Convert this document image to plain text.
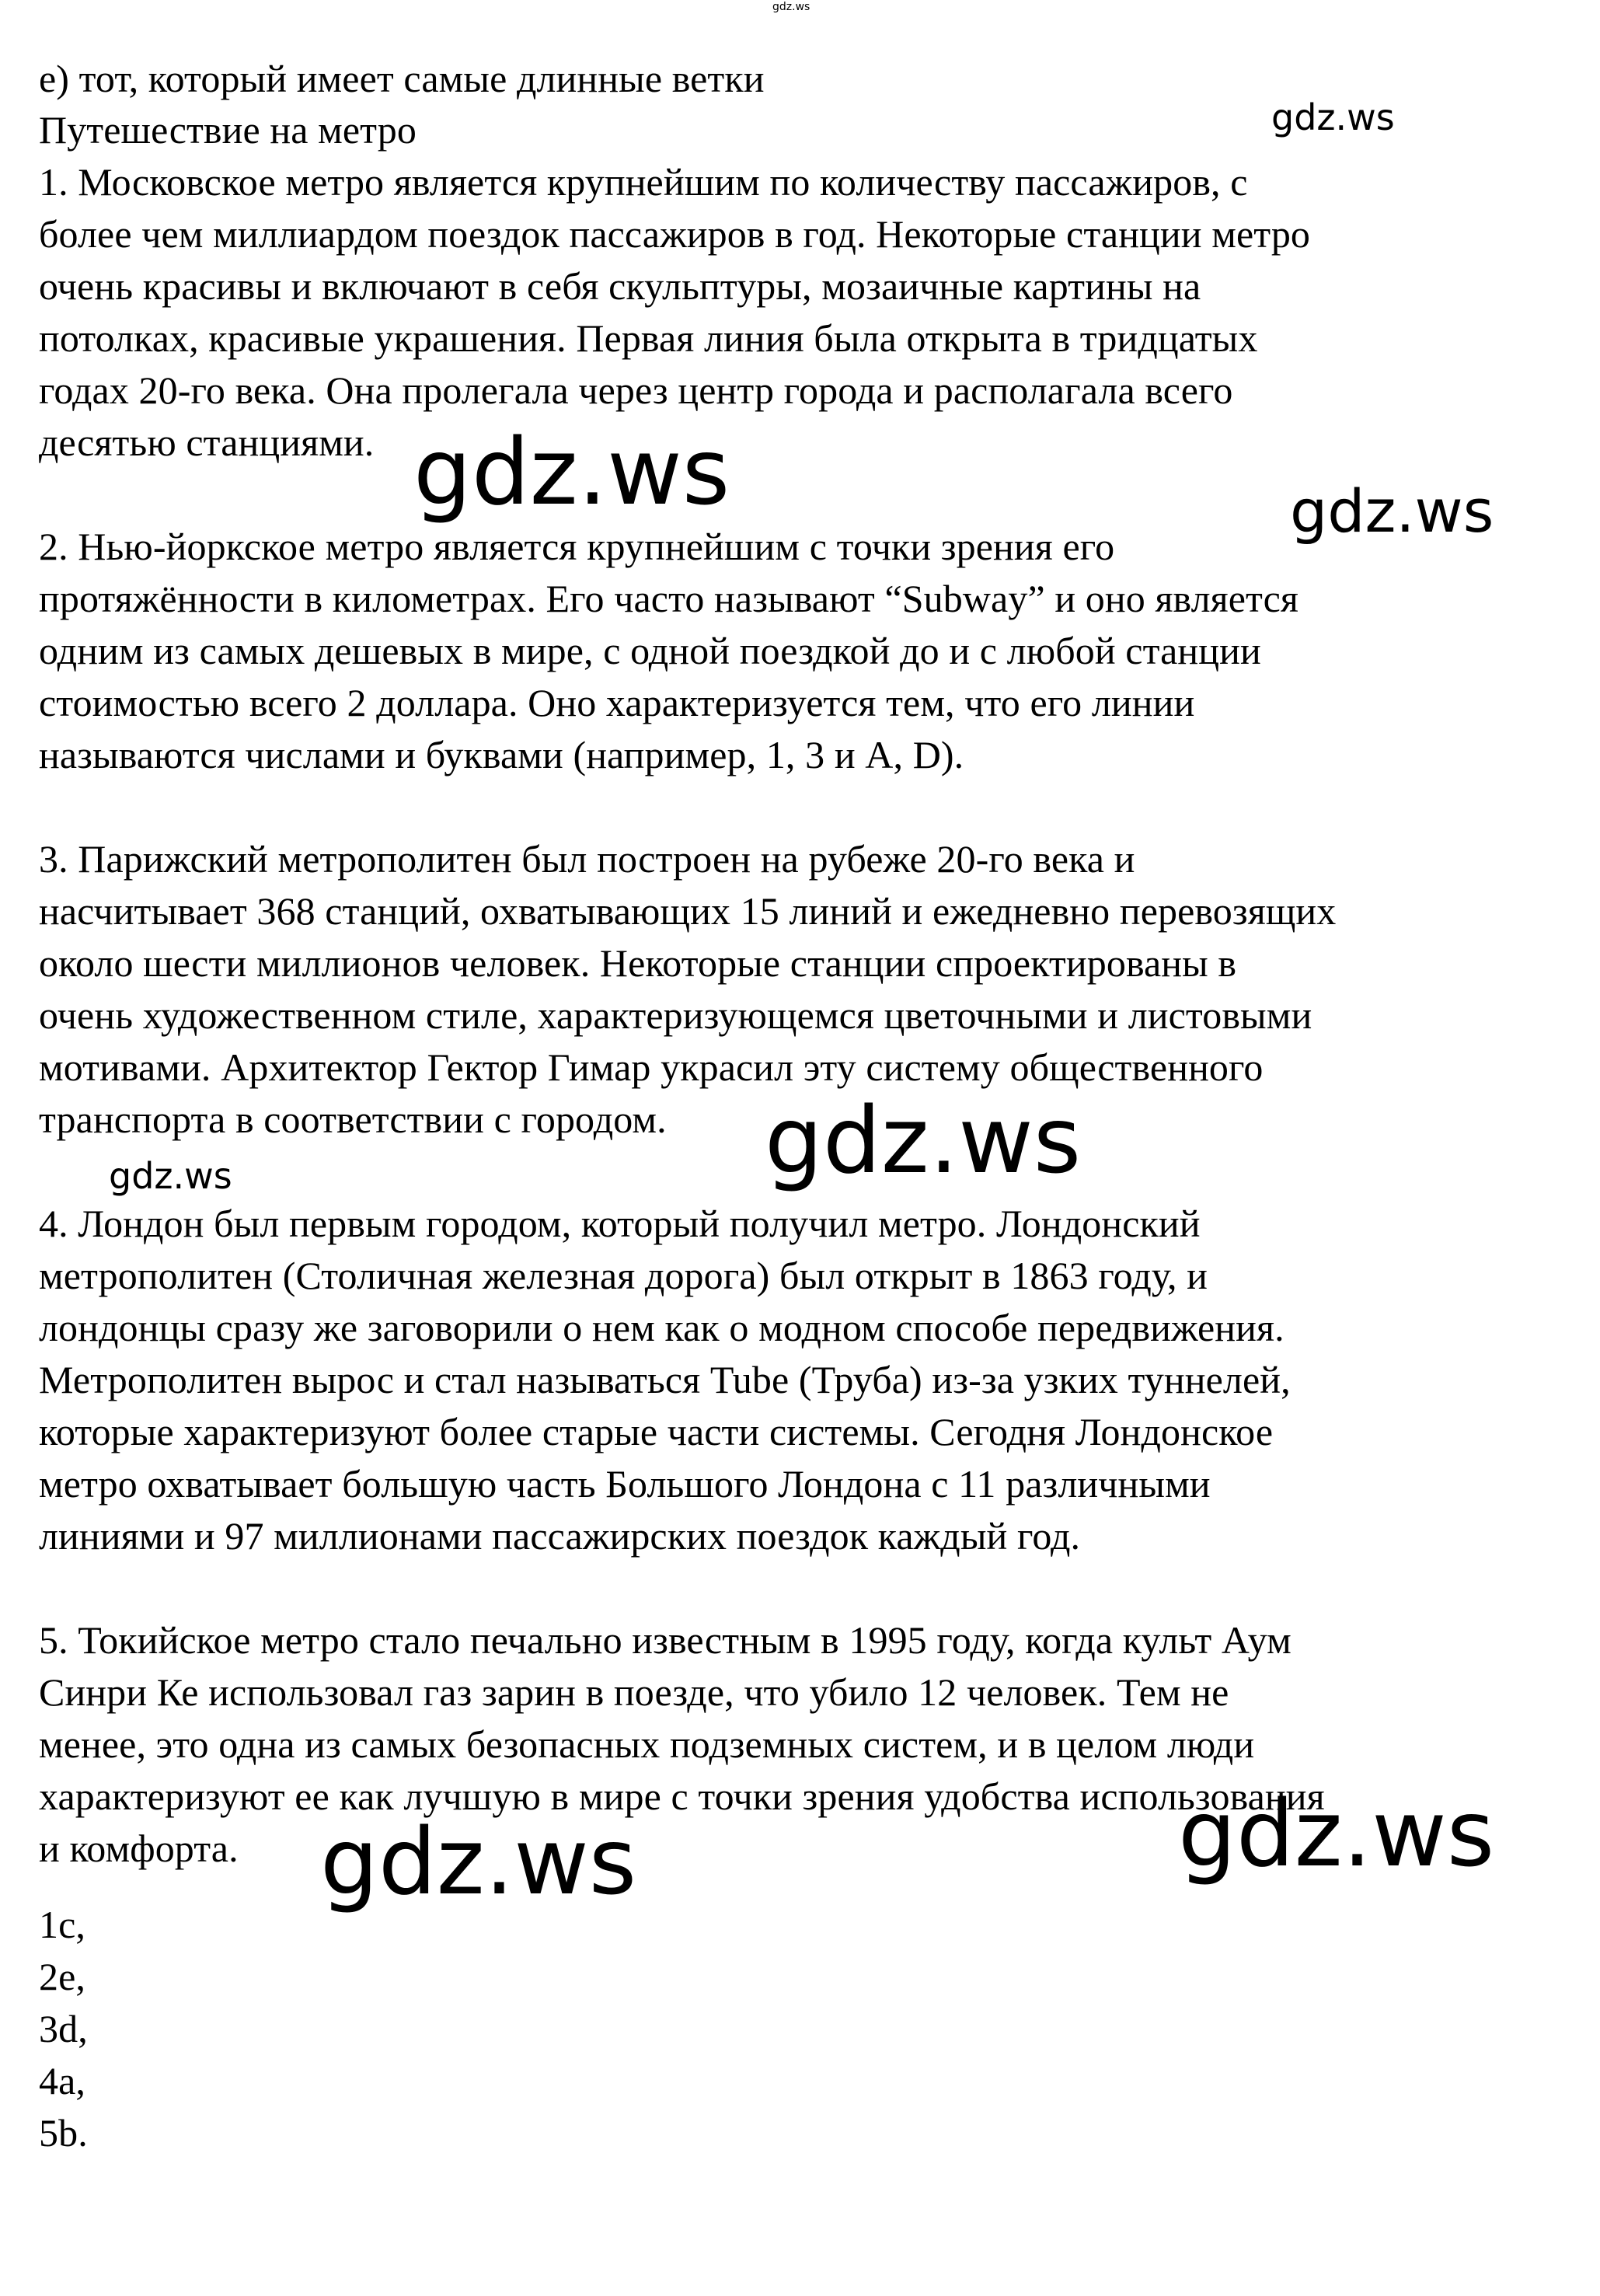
gdz.ws
gdz.ws
gdz.ws	gdz.ws
gdz.ws
gdz.ws
gdz.ws	gdz.ws
e) тот, который имеет самые длинные ветки
Путешествие на метро
1. Московское метро является крупнейшим по количеству пассажиров, с
более чем миллиардом поездок пассажиров в год. Некоторые станции метро
очень красивы и включают в себя скульптуры, мозаичные картины на
потолках, красивые украшения. Первая линия была открыта в тридцатых
годах 20-го века. Она пролегала через центр города и располагала всего
десятью станциями.
2. Нью-йоркское метро является крупнейшим с точки зрения его
протяжённости в километрах. Его часто называют “Subway” и оно является
одним из самых дешевых в мире, с одной поездкой до и с любой станции
стоимостью всего 2 доллара. Оно характеризуется тем, что его линии
называются числами и буквами (например, 1, 3 и A, D).
3. Парижский метрополитен был построен на рубеже 20-го века и
насчитывает 368 станций, охватывающих 15 линий и ежедневно перевозящих
около шести миллионов человек. Некоторые станции спроектированы в
очень художественном стиле, характеризующемся цветочными и листовыми
мотивами. Архитектор Гектор Гимар украсил эту систему общественного
транспорта в соответствии с городом.
4. Лондон был первым городом, который получил метро. Лондонский
метрополитен (Столичная железная дорога) был открыт в 1863 году, и
лондонцы сразу же заговорили о нем как о модном способе передвижения.
Метрополитен вырос и стал называться Tube (Труба) из-за узких туннелей,
которые характеризуют более старые части системы. Сегодня Лондонское
метро охватывает большую часть Большого Лондона с 11 различными
линиями и 97 миллионами пассажирских поездок каждый год.
5. Токийское метро стало печально известным в 1995 году, когда культ Аум
Синри Ке использовал газ зарин в поезде, что убило 12 человек. Тем не
менее, это одна из самых безопасных подземных систем, и в целом люди
характеризуют ее как лучшую в мире с точки зрения удобства использования
и комфорта.
1c,
2e,
3d,
4a,
5b.
